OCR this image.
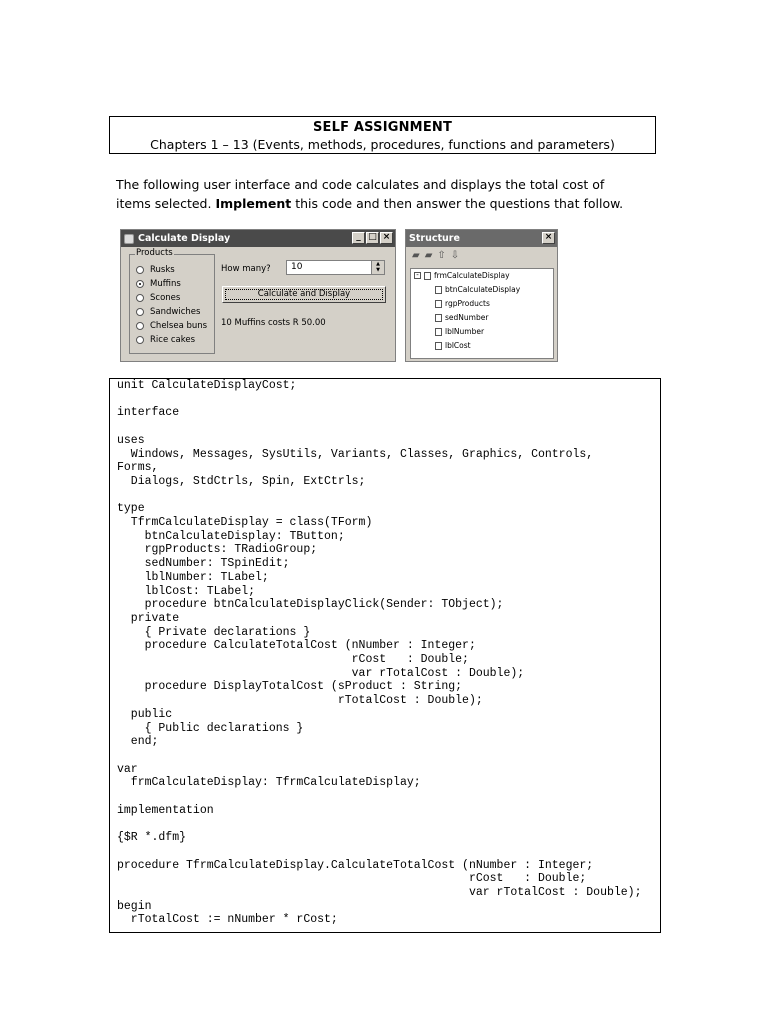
SELF ASSIGNMENT
Chapters 1 – 13 (Events, methods, procedures, functions and parameters)
The following user interface and code calculates and displays the total cost of
items selected. Implement this code and then answer the questions that follow.
Calculate Display	_ □ ×
Products
Rusks
Muffins
Scones
Sandwiches
Chelsea buns
Rice cakes
How many?	10	▲
▼
Calculate and Display
10 Muffins costs R 50.00
Structure	×
▰ ▰ ⇧ ⇩
- frmCalculateDisplay
btnCalculateDisplay
rgpProducts
sedNumber
lblNumber
lblCost
unit CalculateDisplayCost;

interface

uses
Windows, Messages, SysUtils, Variants, Classes, Graphics, Controls,
Forms,
Dialogs, StdCtrls, Spin, ExtCtrls;

type
TfrmCalculateDisplay = class(TForm)
btnCalculateDisplay: TButton;
rgpProducts: TRadioGroup;
sedNumber: TSpinEdit;
lblNumber: TLabel;
lblCost: TLabel;
procedure btnCalculateDisplayClick(Sender: TObject);
private
{ Private declarations }
procedure CalculateTotalCost (nNumber : Integer;
rCost   : Double;
var rTotalCost : Double);
procedure DisplayTotalCost (sProduct : String;
rTotalCost : Double);
public
{ Public declarations }
end;

var
frmCalculateDisplay: TfrmCalculateDisplay;

implementation

{$R *.dfm}

procedure TfrmCalculateDisplay.CalculateTotalCost (nNumber : Integer;
rCost   : Double;
var rTotalCost : Double);
begin
rTotalCost := nNumber * rCost;
